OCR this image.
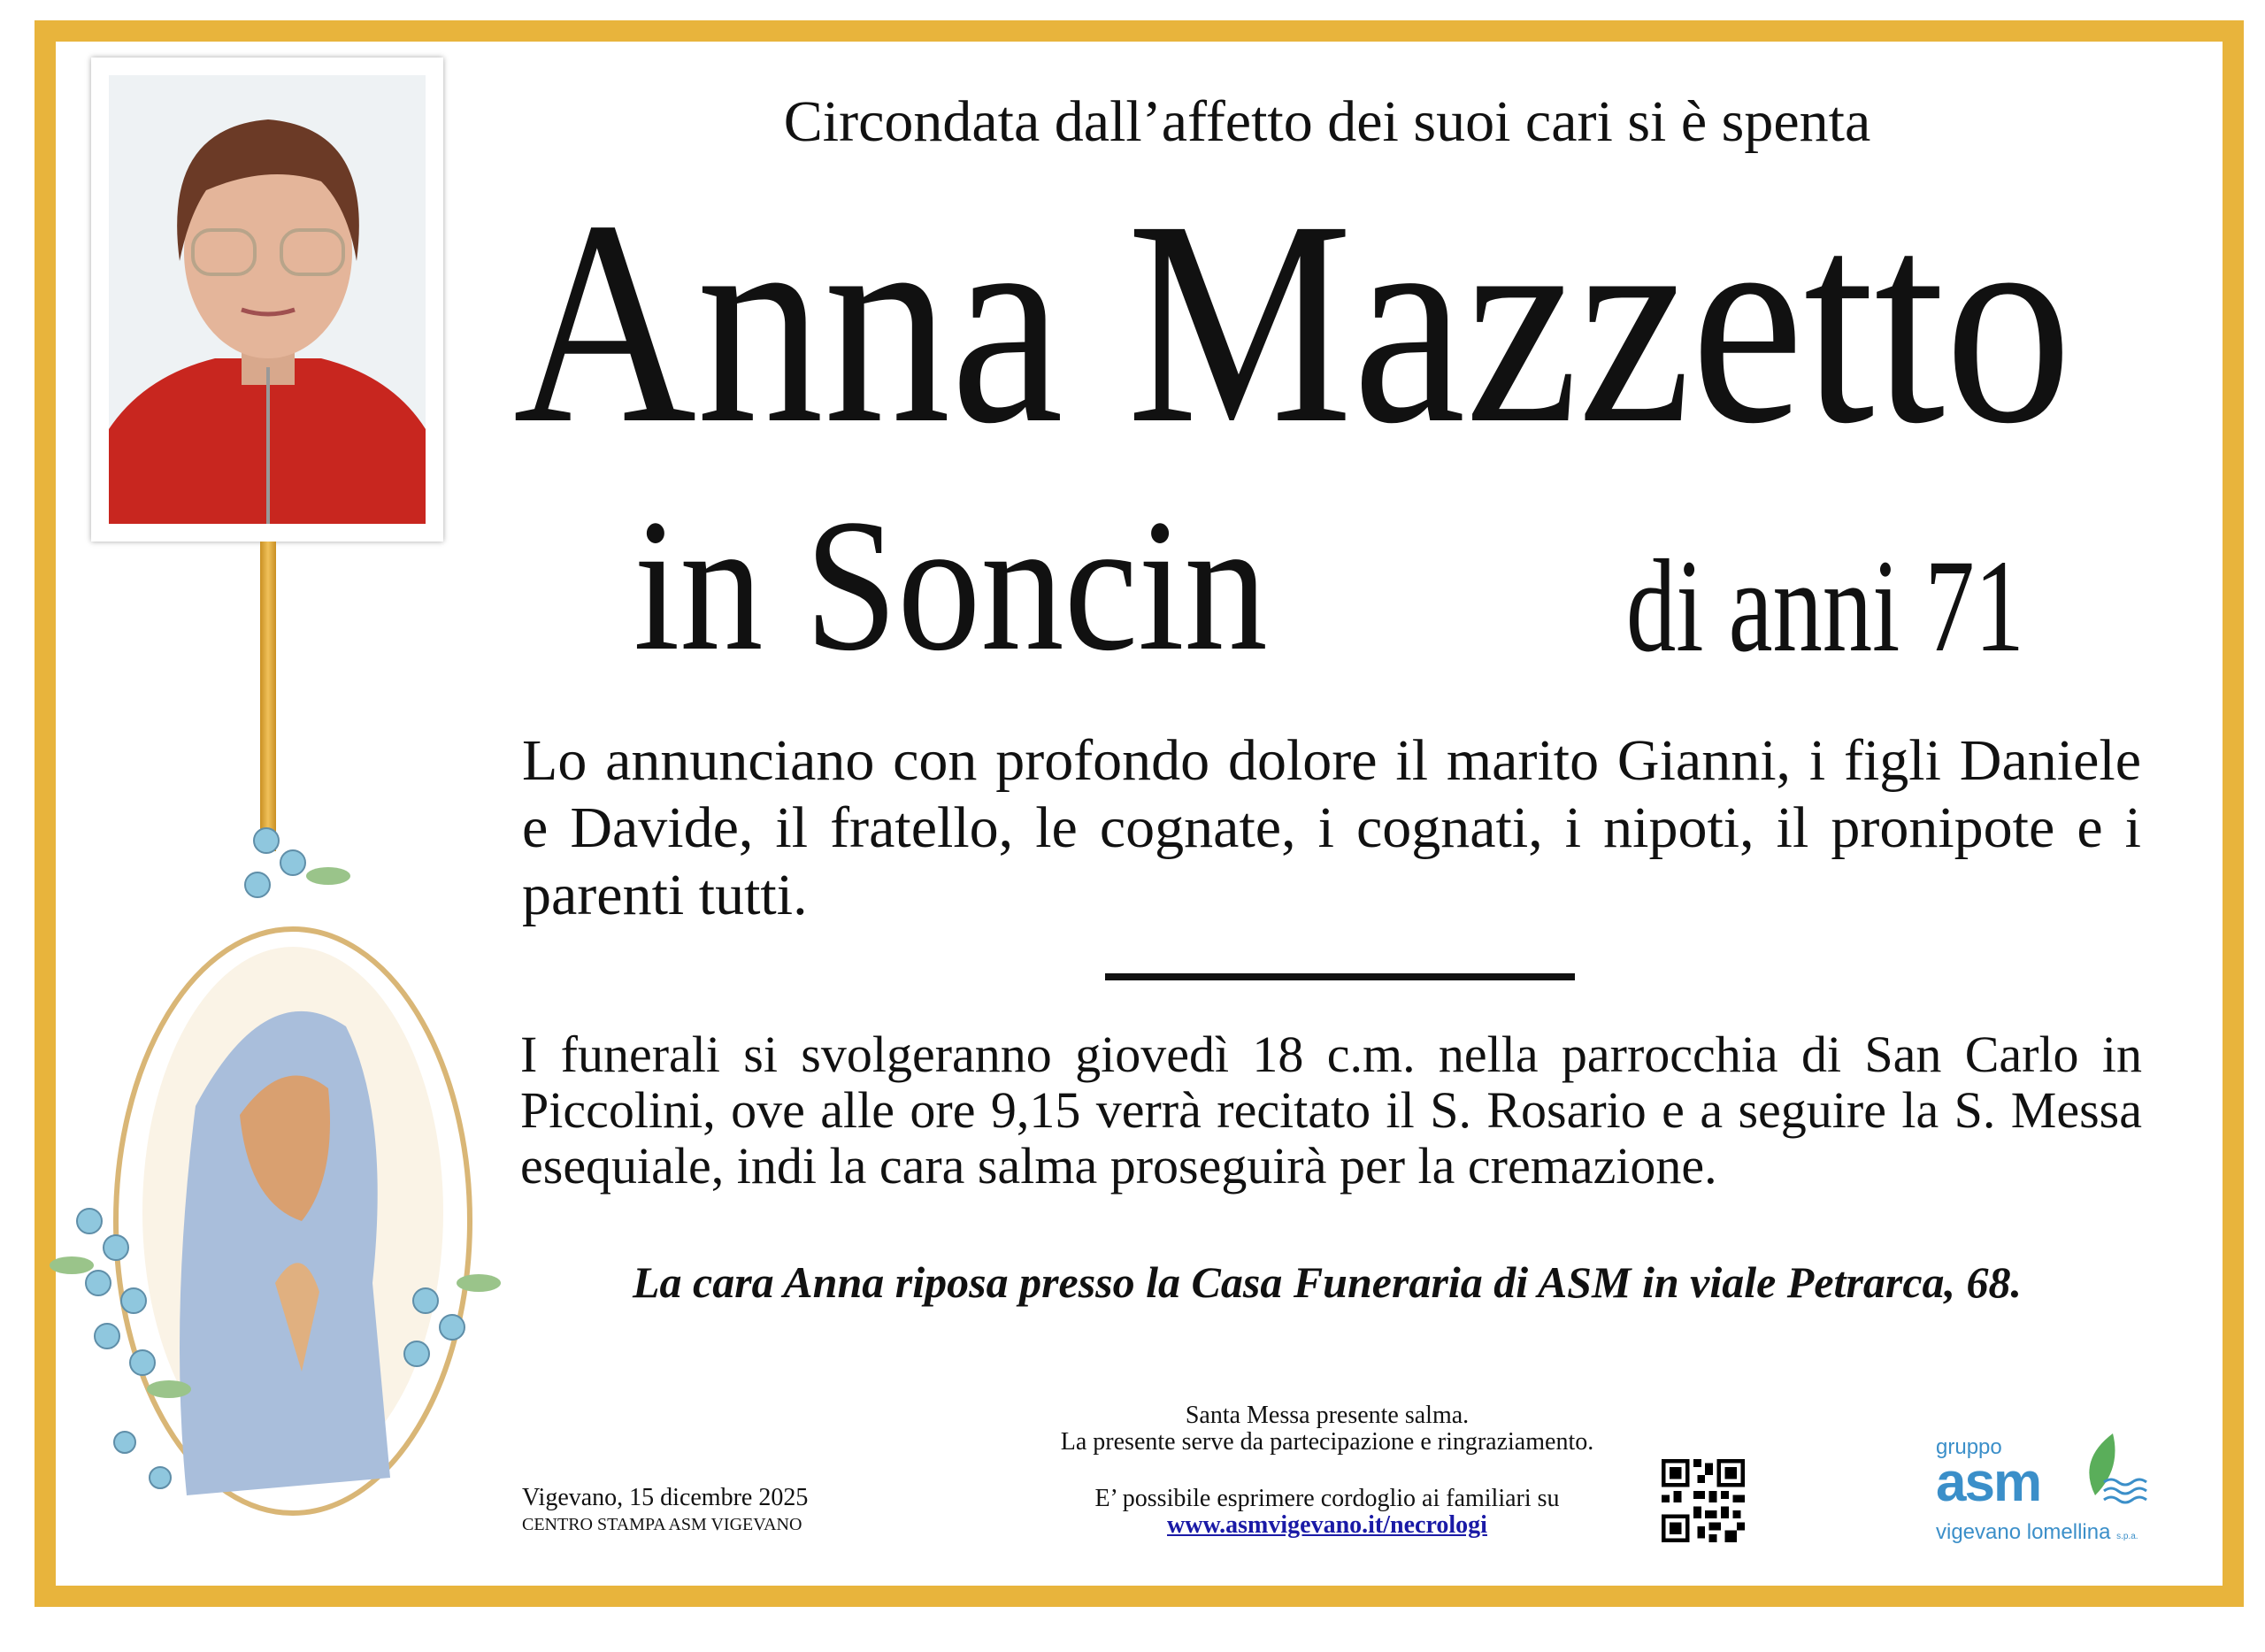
Circondata dall’affetto dei suoi cari si è spenta
Anna Mazzetto
in Soncin	di anni 71
Lo annunciano con profondo dolore il marito Gianni, i figli Daniele e Davide, il fratello, le cognate, i cognati, i nipoti, il pronipote e i parenti tutti.
I funerali si svolgeranno giovedì 18 c.m. nella parrocchia di San Carlo in Piccolini, ove alle ore 9,15 verrà recitato il S. Rosario e a seguire la S. Messa esequiale, indi la cara salma proseguirà per la cremazione.
La cara Anna riposa presso la Casa Funeraria di ASM in viale Petrarca, 68.
Santa Messa presente salma.
La presente serve da partecipazione e ringraziamento.
E’ possibile esprimere cordoglio ai familiari su
www.asmvigevano.it/necrologi
Vigevano, 15 dicembre 2025
CENTRO STAMPA ASM VIGEVANO
gruppo
asm
vigevano lomellina s.p.a.
